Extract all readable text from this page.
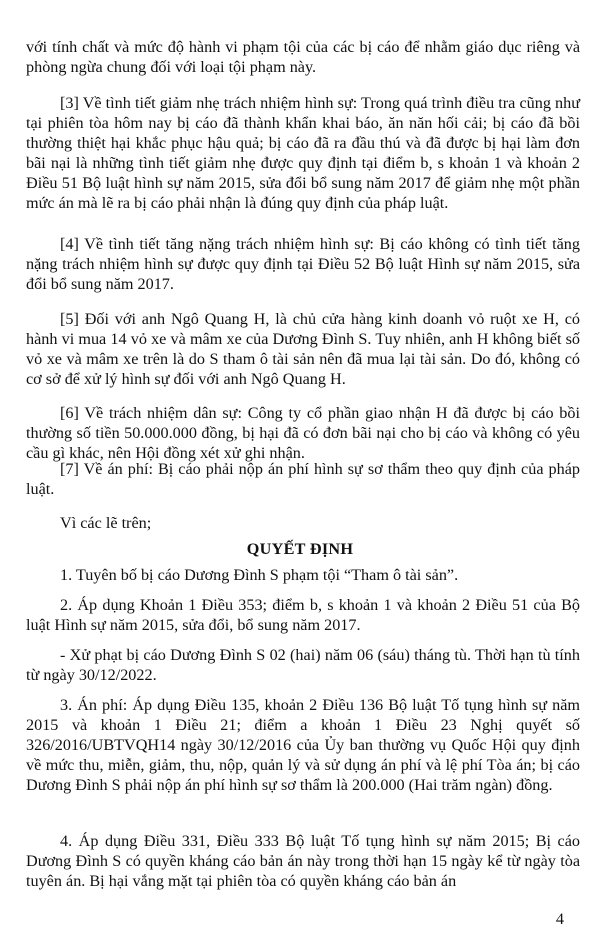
với tính chất và mức độ hành vi phạm tội của các bị cáo để nhằm giáo dục riêng và phòng ngừa chung đối với loại tội phạm này.

[3] Về tình tiết giảm nhẹ trách nhiệm hình sự: Trong quá trình điều tra cũng như tại phiên tòa hôm nay bị cáo đã thành khẩn khai báo, ăn năn hối cải; bị cáo đã bồi thường thiệt hại khắc phục hậu quả; bị cáo đã ra đầu thú và đã được bị hại làm đơn bãi nại là những tình tiết giảm nhẹ được quy định tại điểm b, s khoản 1 và khoản 2 Điều 51 Bộ luật hình sự năm 2015, sửa đổi bổ sung năm 2017 để giảm nhẹ một phần mức án mà lẽ ra bị cáo phải nhận là đúng quy định của pháp luật.

[4] Về tình tiết tăng nặng trách nhiệm hình sự: Bị cáo không có tình tiết tăng nặng trách nhiệm hình sự được quy định tại Điều 52 Bộ luật Hình sự năm 2015, sửa đổi bổ sung năm 2017.

[5] Đối với anh Ngô Quang H, là chủ cửa hàng kinh doanh vỏ ruột xe H, có hành vi mua 14 vỏ xe và mâm xe của Dương Đình S. Tuy nhiên, anh H không biết số vỏ xe và mâm xe trên là do S tham ô tài sản nên đã mua lại tài sản. Do đó, không có cơ sở để xử lý hình sự đối với anh Ngô Quang H.

[6] Về trách nhiệm dân sự: Công ty cổ phần giao nhận H đã được bị cáo bồi thường số tiền 50.000.000 đồng, bị hại đã có đơn bãi nại cho bị cáo và không có yêu cầu gì khác, nên Hội đồng xét xử ghi nhận.

[7] Về án phí: Bị cáo phải nộp án phí hình sự sơ thẩm theo quy định của pháp luật.

Vì các lẽ trên;

QUYẾT ĐỊNH

1. Tuyên bố bị cáo Dương Đình S phạm tội “Tham ô tài sản”.

2. Áp dụng Khoản 1 Điều 353; điểm b, s khoản 1 và khoản 2 Điều 51 của Bộ luật Hình sự năm 2015, sửa đổi, bổ sung năm 2017.

- Xử phạt bị cáo Dương Đình S 02 (hai) năm 06 (sáu) tháng tù. Thời hạn tù tính từ ngày 30/12/2022.

3. Án phí: Áp dụng Điều 135, khoản 2 Điều 136 Bộ luật Tố tụng hình sự năm 2015 và khoản 1 Điều 21; điểm a khoản 1 Điều 23 Nghị quyết số 326/2016/UBTVQH14 ngày 30/12/2016 của Ủy ban thường vụ Quốc Hội quy định về mức thu, miễn, giảm, thu, nộp, quản lý và sử dụng án phí và lệ phí Tòa án; bị cáo Dương Đình S phải nộp án phí hình sự sơ thẩm là 200.000 (Hai trăm ngàn) đồng.

4. Áp dụng Điều 331, Điều 333 Bộ luật Tố tụng hình sự năm 2015; Bị cáo Dương Đình S có quyền kháng cáo bản án này trong thời hạn 15 ngày kể từ ngày tòa tuyên án. Bị hại vắng mặt tại phiên tòa có quyền kháng cáo bản án

4
